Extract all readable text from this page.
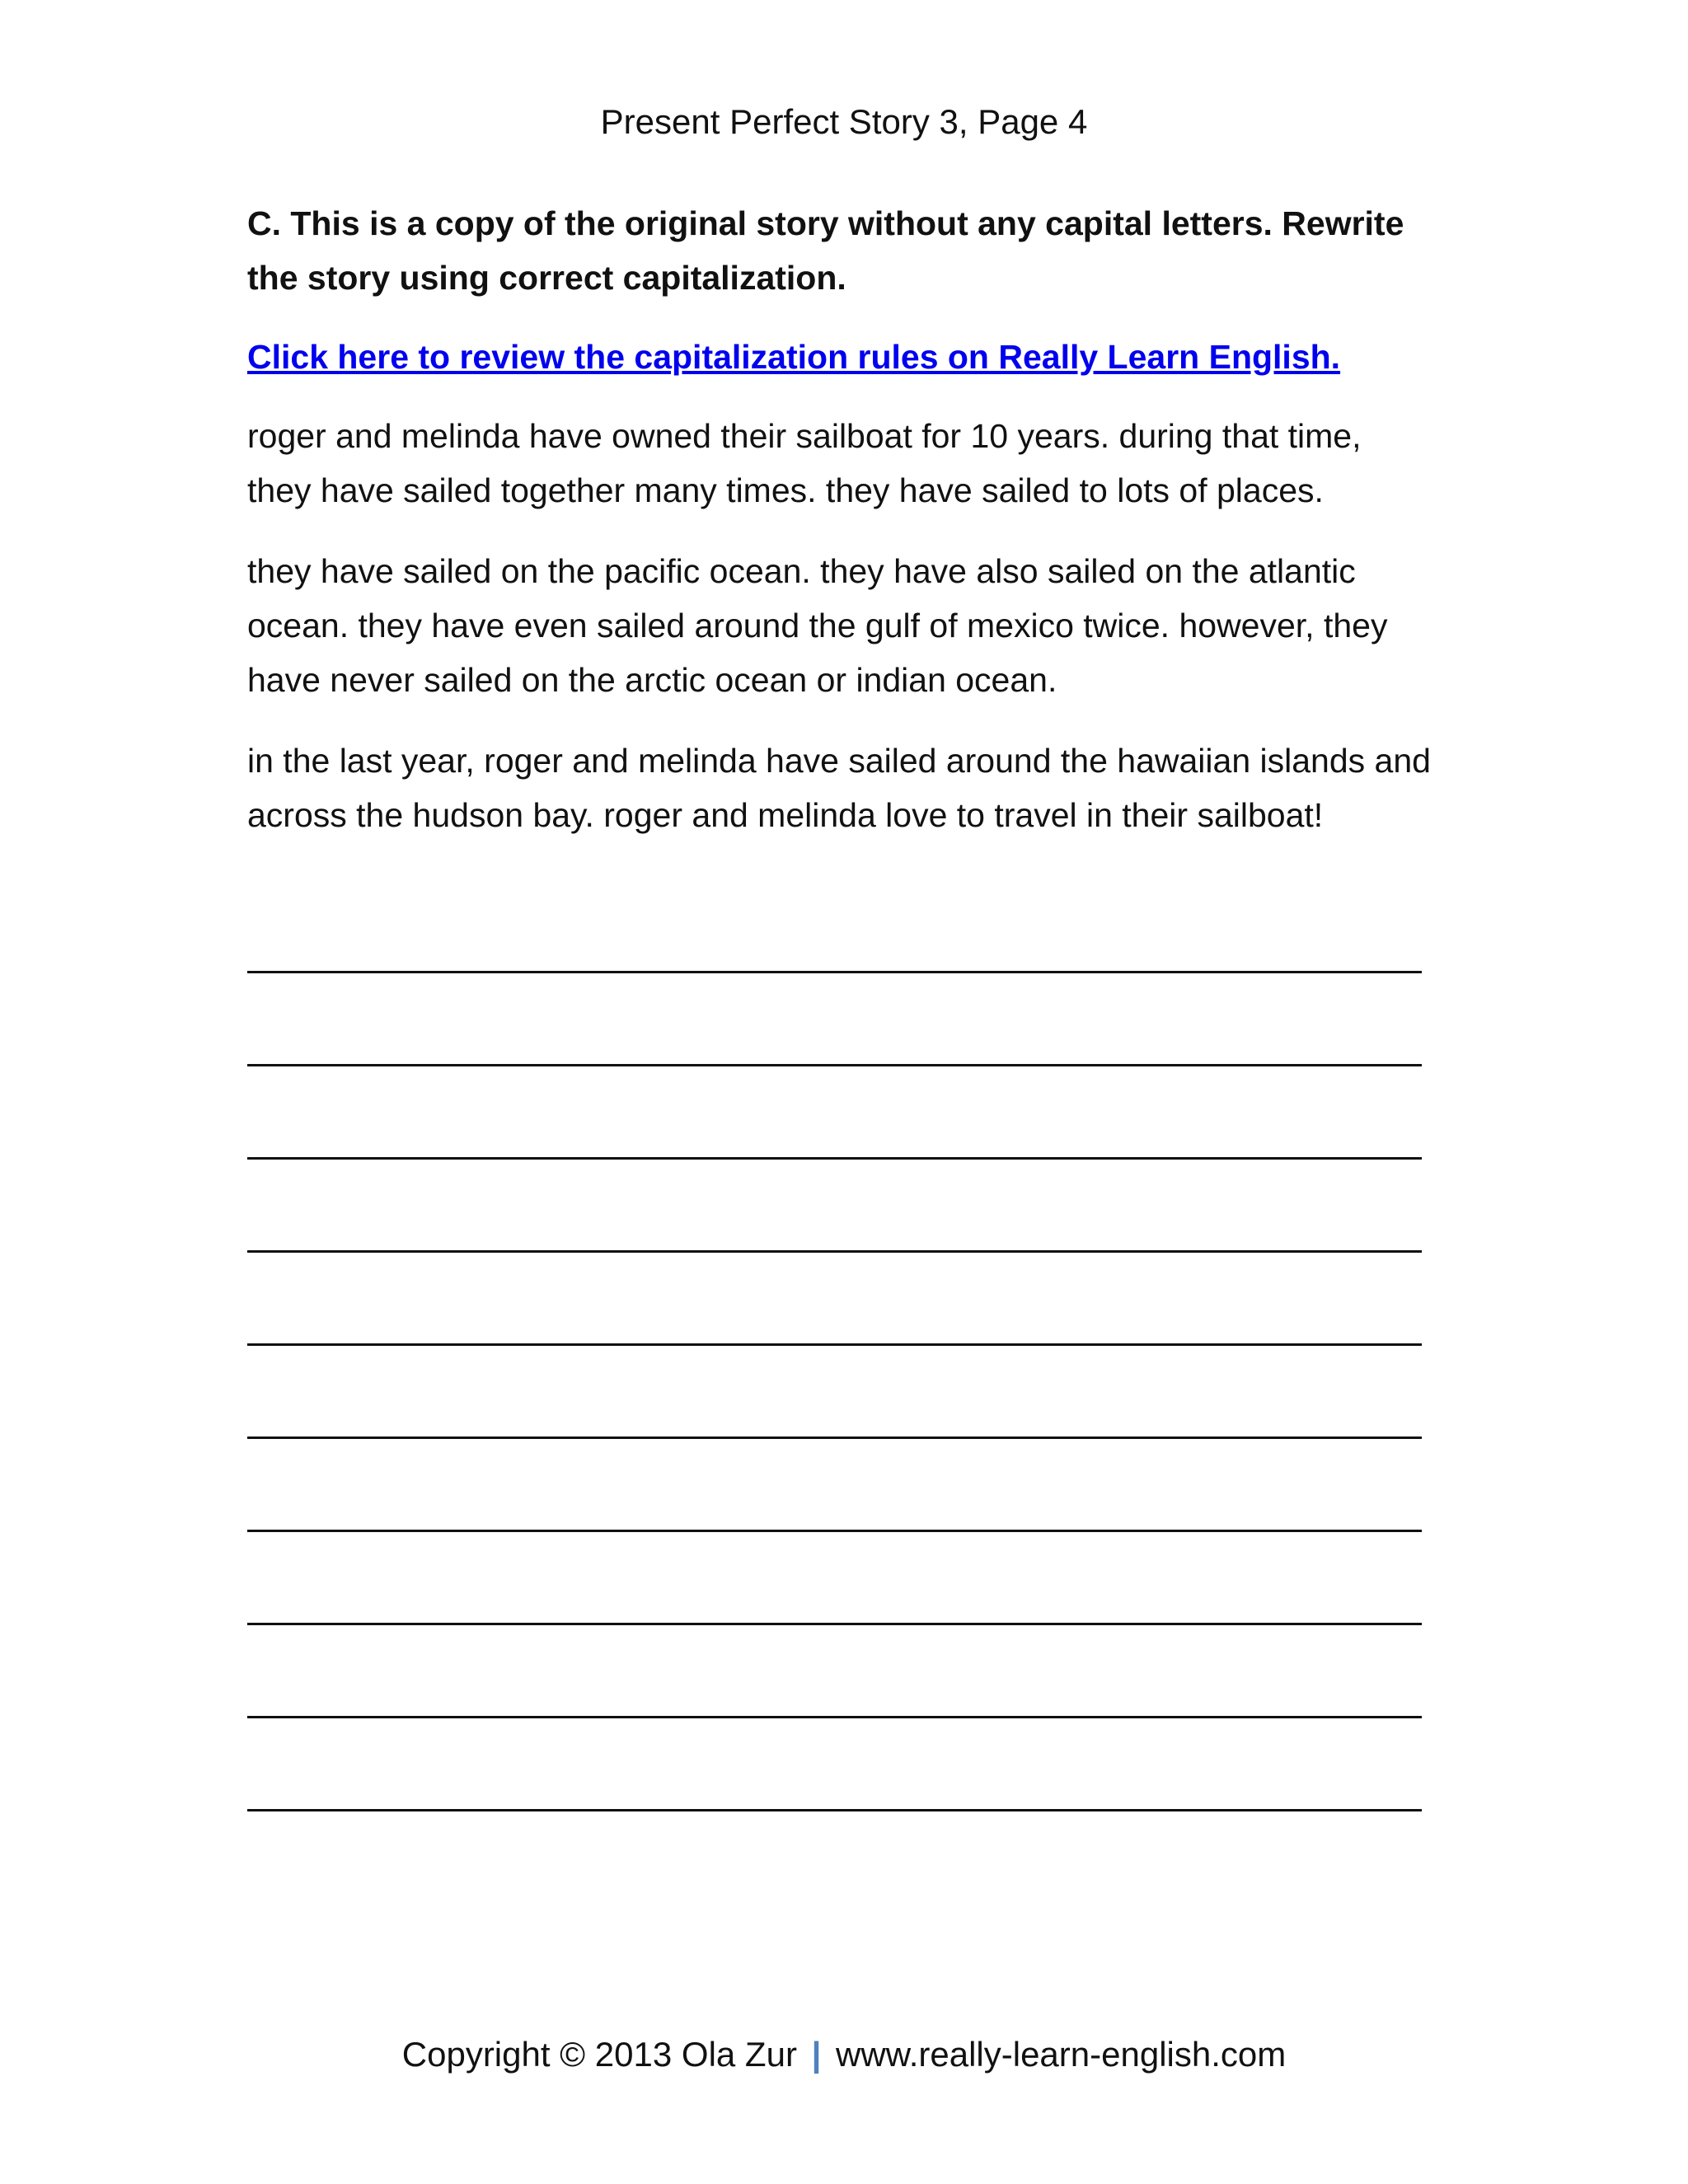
Present Perfect Story 3, Page 4

C. This is a copy of the original story without any capital letters. Rewrite the story using correct capitalization.

Click here to review the capitalization rules on Really Learn English.

roger and melinda have owned their sailboat for 10 years. during that time, they have sailed together many times. they have sailed to lots of places.

they have sailed on the pacific ocean. they have also sailed on the atlantic ocean. they have even sailed around the gulf of mexico twice. however, they have never sailed on the arctic ocean or indian ocean.

in the last year, roger and melinda have sailed around the hawaiian islands and across the hudson bay. roger and melinda love to travel in their sailboat!

Copyright © 2013 Ola Zur | www.really-learn-english.com
